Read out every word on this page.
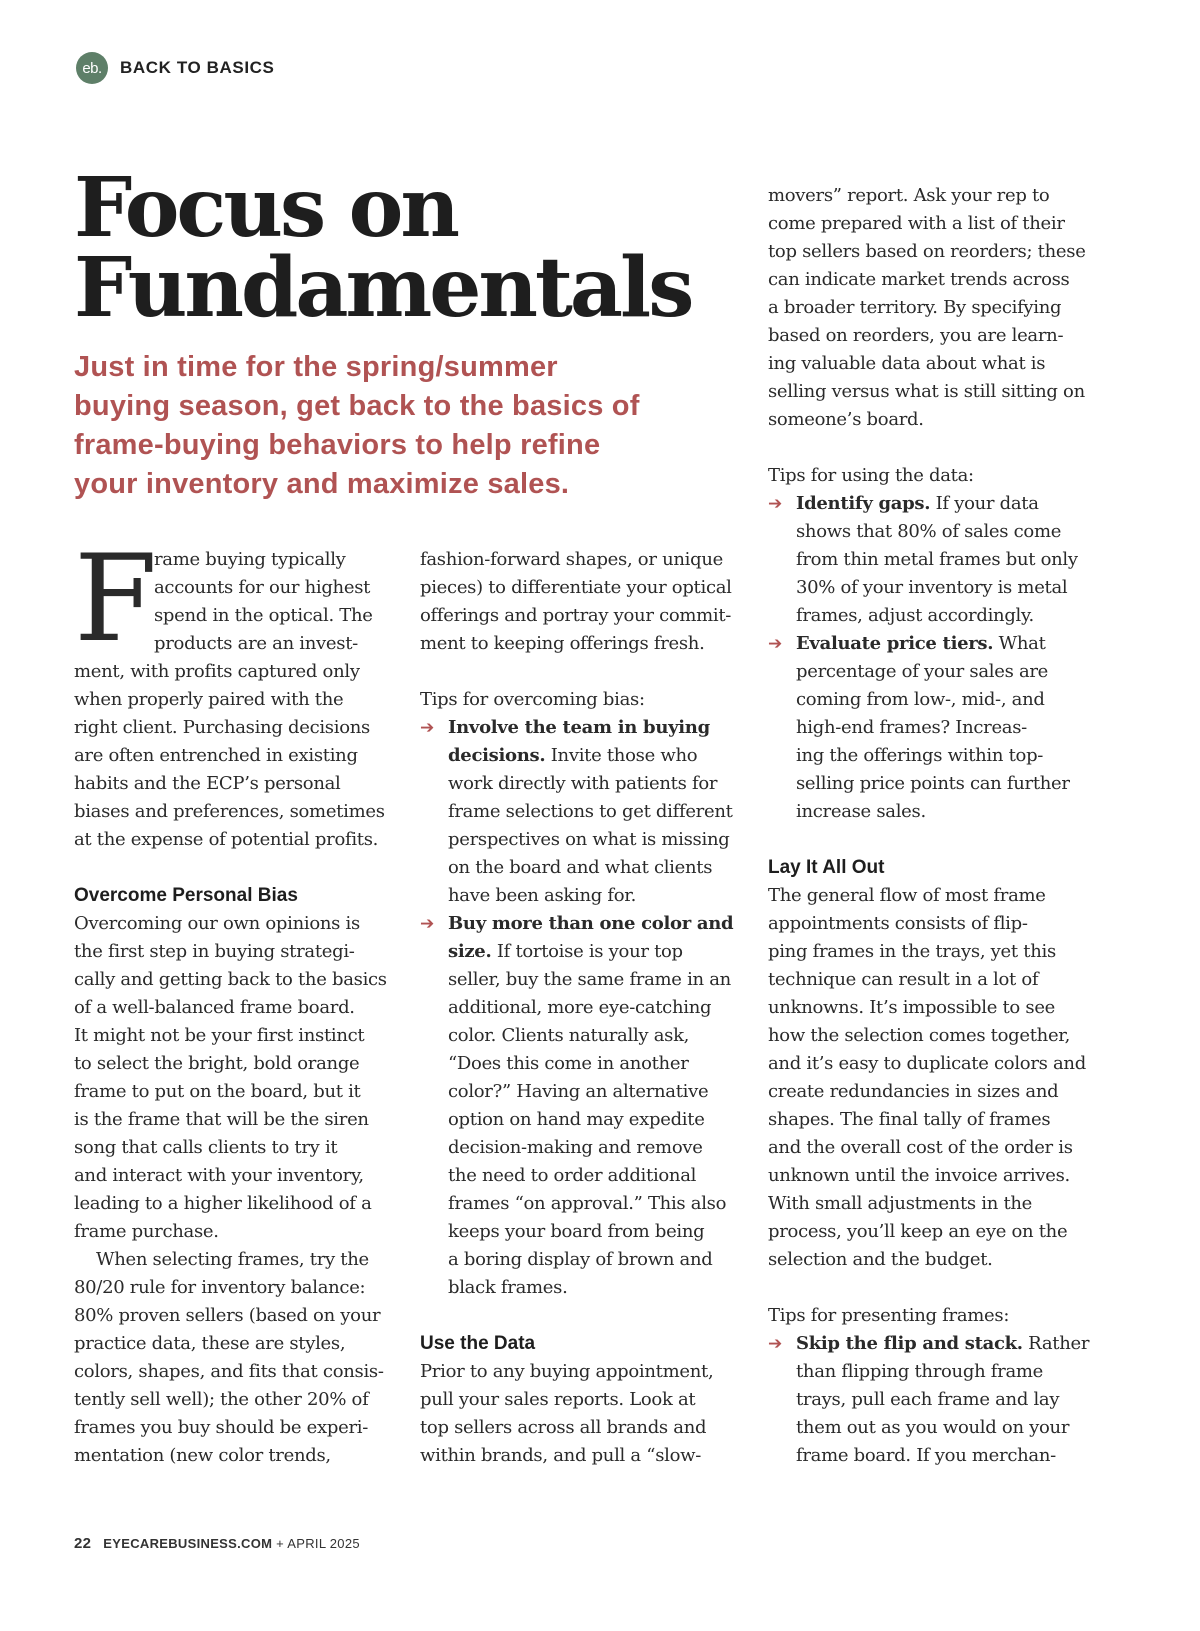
eb.	BACK TO BASICS
Focus on
Fundamentals

Just in time for the spring/summer
buying season, get back to the basics of
frame-buying behaviors to help refine
your inventory and maximize sales.

F
rame buying typically
accounts for our highest
spend in the optical. The
products are an invest-
ment, with profits captured only
when properly paired with the
right client. Purchasing decisions
are often entrenched in existing
habits and the ECP’s personal
biases and preferences, sometimes
at the expense of potential profits.
Overcome Personal Bias
Overcoming our own opinions is
the first step in buying strategi-
cally and getting back to the basics
of a well-balanced frame board.
It might not be your first instinct
to select the bright, bold orange
frame to put on the board, but it
is the frame that will be the siren
song that calls clients to try it
and interact with your inventory,
leading to a higher likelihood of a
frame purchase.
When selecting frames, try the
80/20 rule for inventory balance:
80% proven sellers (based on your
practice data, these are styles,
colors, shapes, and fits that consis-
tently sell well); the other 20% of
frames you buy should be experi-
mentation (new color trends,
fashion-forward shapes, or unique
pieces) to differentiate your optical
offerings and portray your commit-
ment to keeping offerings fresh.
Tips for overcoming bias:
➔ Involve the team in buying
decisions. Invite those who
work directly with patients for
frame selections to get different
perspectives on what is missing
on the board and what clients
have been asking for.
➔ Buy more than one color and
size. If tortoise is your top
seller, buy the same frame in an
additional, more eye-catching
color. Clients naturally ask,
“Does this come in another
color?” Having an alternative
option on hand may expedite
decision-making and remove
the need to order additional
frames “on approval.” This also
keeps your board from being
a boring display of brown and
black frames.
Use the Data
Prior to any buying appointment,
pull your sales reports. Look at
top sellers across all brands and
within brands, and pull a “slow-
movers” report. Ask your rep to
come prepared with a list of their
top sellers based on reorders; these
can indicate market trends across
a broader territory. By specifying
based on reorders, you are learn-
ing valuable data about what is
selling versus what is still sitting on
someone’s board.
Tips for using the data:
➔ Identify gaps. If your data
shows that 80% of sales come
from thin metal frames but only
30% of your inventory is metal
frames, adjust accordingly.
➔ Evaluate price tiers. What
percentage of your sales are
coming from low-, mid-, and
high-end frames? Increas-
ing the offerings within top-
selling price points can further
increase sales.
Lay It All Out
The general flow of most frame
appointments consists of flip-
ping frames in the trays, yet this
technique can result in a lot of
unknowns. It’s impossible to see
how the selection comes together,
and it’s easy to duplicate colors and
create redundancies in sizes and
shapes. The final tally of frames
and the overall cost of the order is
unknown until the invoice arrives.
With small adjustments in the
process, you’ll keep an eye on the
selection and the budget.
Tips for presenting frames:
➔ Skip the flip and stack. Rather
than flipping through frame
trays, pull each frame and lay
them out as you would on your
frame board. If you merchan-
22 EYECAREBUSINESS.COM + APRIL 2025
